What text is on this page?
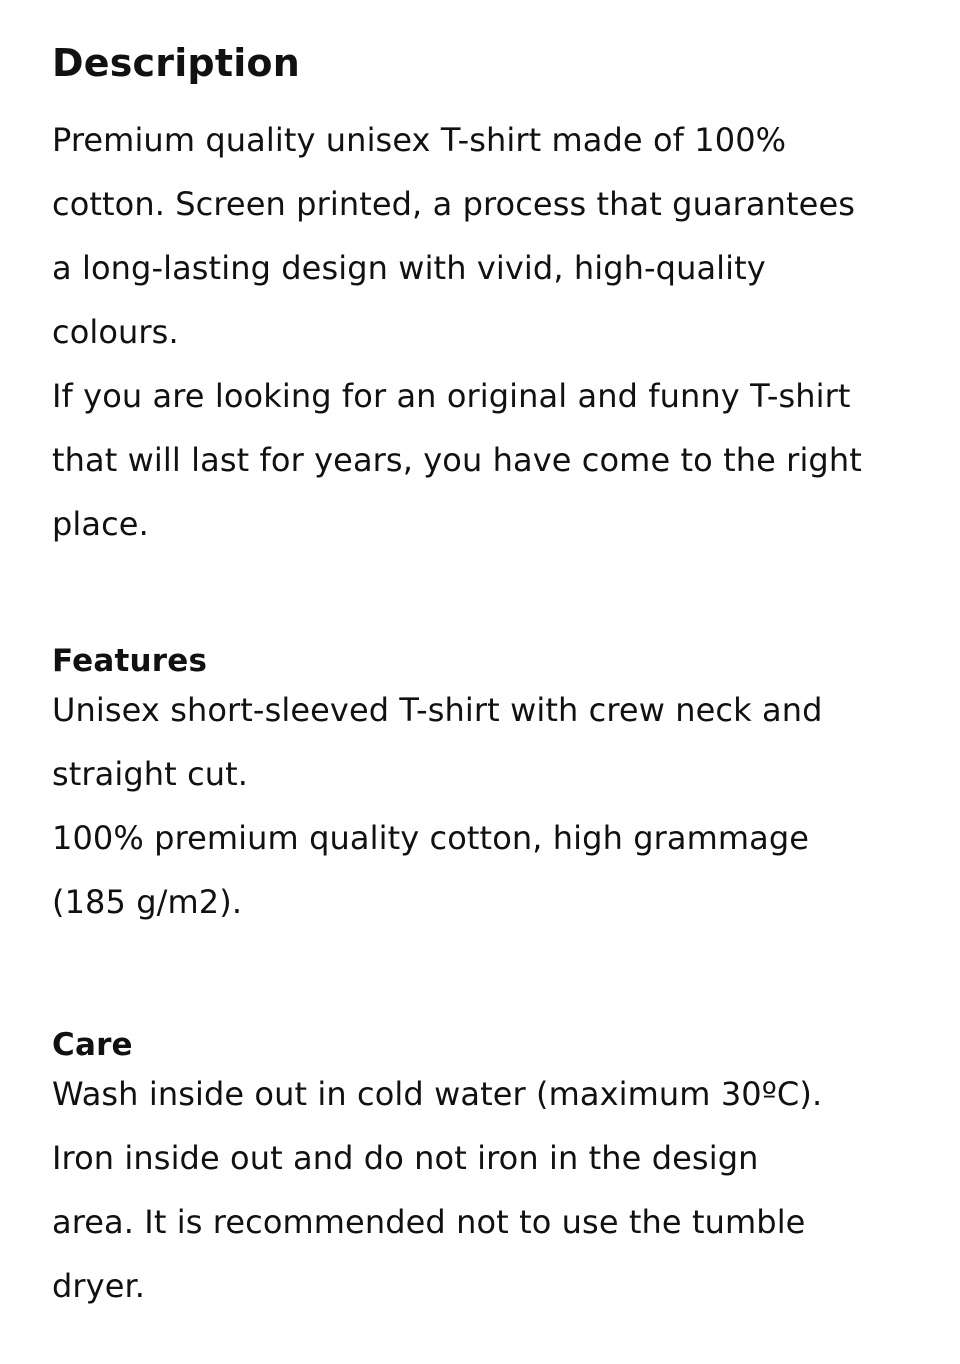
Description

Premium quality unisex T-shirt made of 100%
cotton. Screen printed, a process that guarantees
a long-lasting design with vivid, high-quality
colours.

If you are looking for an original and funny T-shirt
that will last for years, you have come to the right
place.

Features

Unisex short-sleeved T-shirt with crew neck and
straight cut.

100% premium quality cotton, high grammage
(185 g/m2).

Care

Wash inside out in cold water (maximum 30ºC).

Iron inside out and do not iron in the design
area. It is recommended not to use the tumble
dryer.
